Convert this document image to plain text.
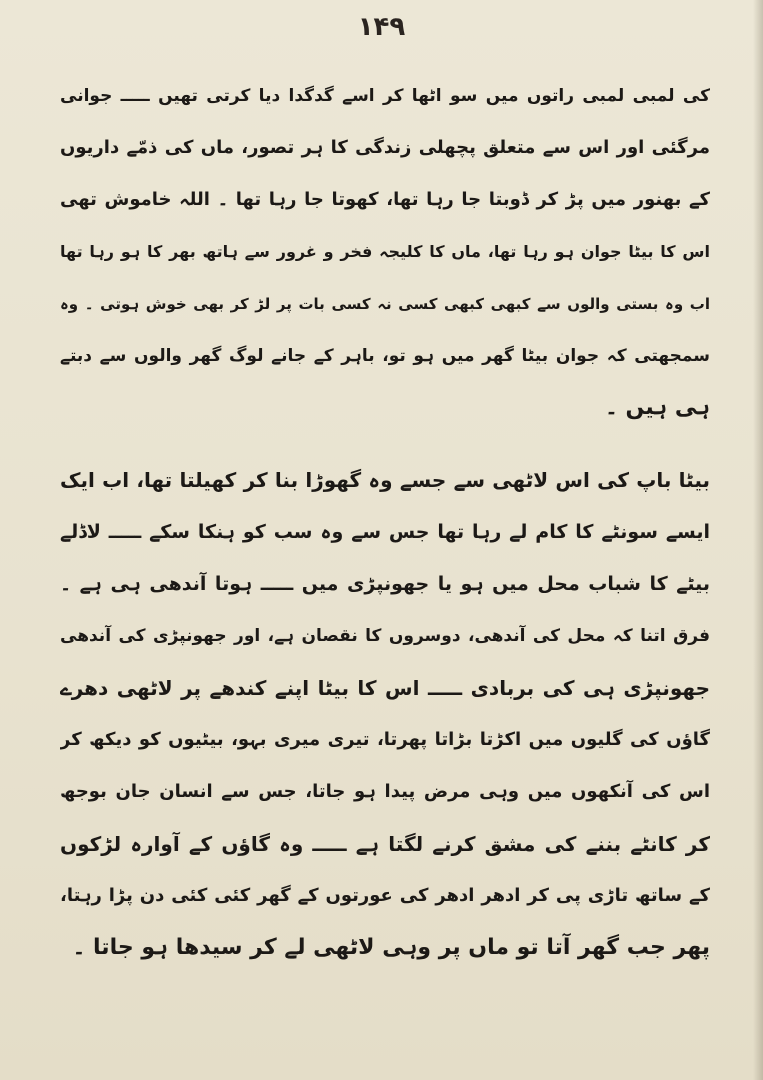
۱۴۹
کی لمبی لمبی راتوں میں سو اٹھا کر اسے گدگدا دیا کرتی تھیں ـــــ جوانی
مرگئی اور اس سے متعلق پچھلی زندگی کا ہر تصور، ماں کی ذمّے داریوں
کے بھنور میں پڑ کر ڈوبتا جا رہا تھا، کھوتا جا رہا تھا ۔ اللہ خاموش تھی
اس کا بیٹا جوان ہو رہا تھا، ماں کا کلیجہ فخر و غرور سے ہاتھ بھر کا ہو رہا تھا
اب وہ بستی والوں سے کبھی کبھی کسی نہ کسی بات پر لڑ کر بھی خوش ہوتی ۔ وہ
سمجھتی کہ جوان بیٹا گھر میں ہو تو، باہر کے جانے لوگ گھر والوں سے دبتے
ہی ہیں ۔
بیٹا باپ کی اس لاٹھی سے جسے وہ گھوڑا بنا کر کھیلتا تھا، اب ایک
ایسے سونٹے کا کام لے رہا تھا جس سے وہ سب کو ہنکا سکے ـــــ لاڈلے
بیٹے کا شباب محل میں ہو یا جھونپڑی میں ـــــ ہوتا آندھی ہی ہے ۔
فرق اتنا کہ محل کی آندھی، دوسروں کا نقصان ہے، اور جھونپڑی کی آندھی
جھونپڑی ہی کی بربادی ـــــ اس کا بیٹا اپنے کندھے پر لاٹھی دھرے
گاؤں کی گلیوں میں اکڑتا بڑاتا پھرتا، تیری میری بہو، بیٹیوں کو دیکھ کر
اس کی آنکھوں میں وہی مرض پیدا ہو جاتا، جس سے انسان جان بوجھ
کر کانٹے بننے کی مشق کرنے لگتا ہے ـــــ وہ گاؤں کے آوارہ لڑکوں
کے ساتھ تاڑی پی کر ادھر ادھر کی عورتوں کے گھر کئی کئی دن پڑا رہتا،
پھر جب گھر آتا تو ماں پر وہی لاٹھی لے کر سیدھا ہو جاتا ۔
